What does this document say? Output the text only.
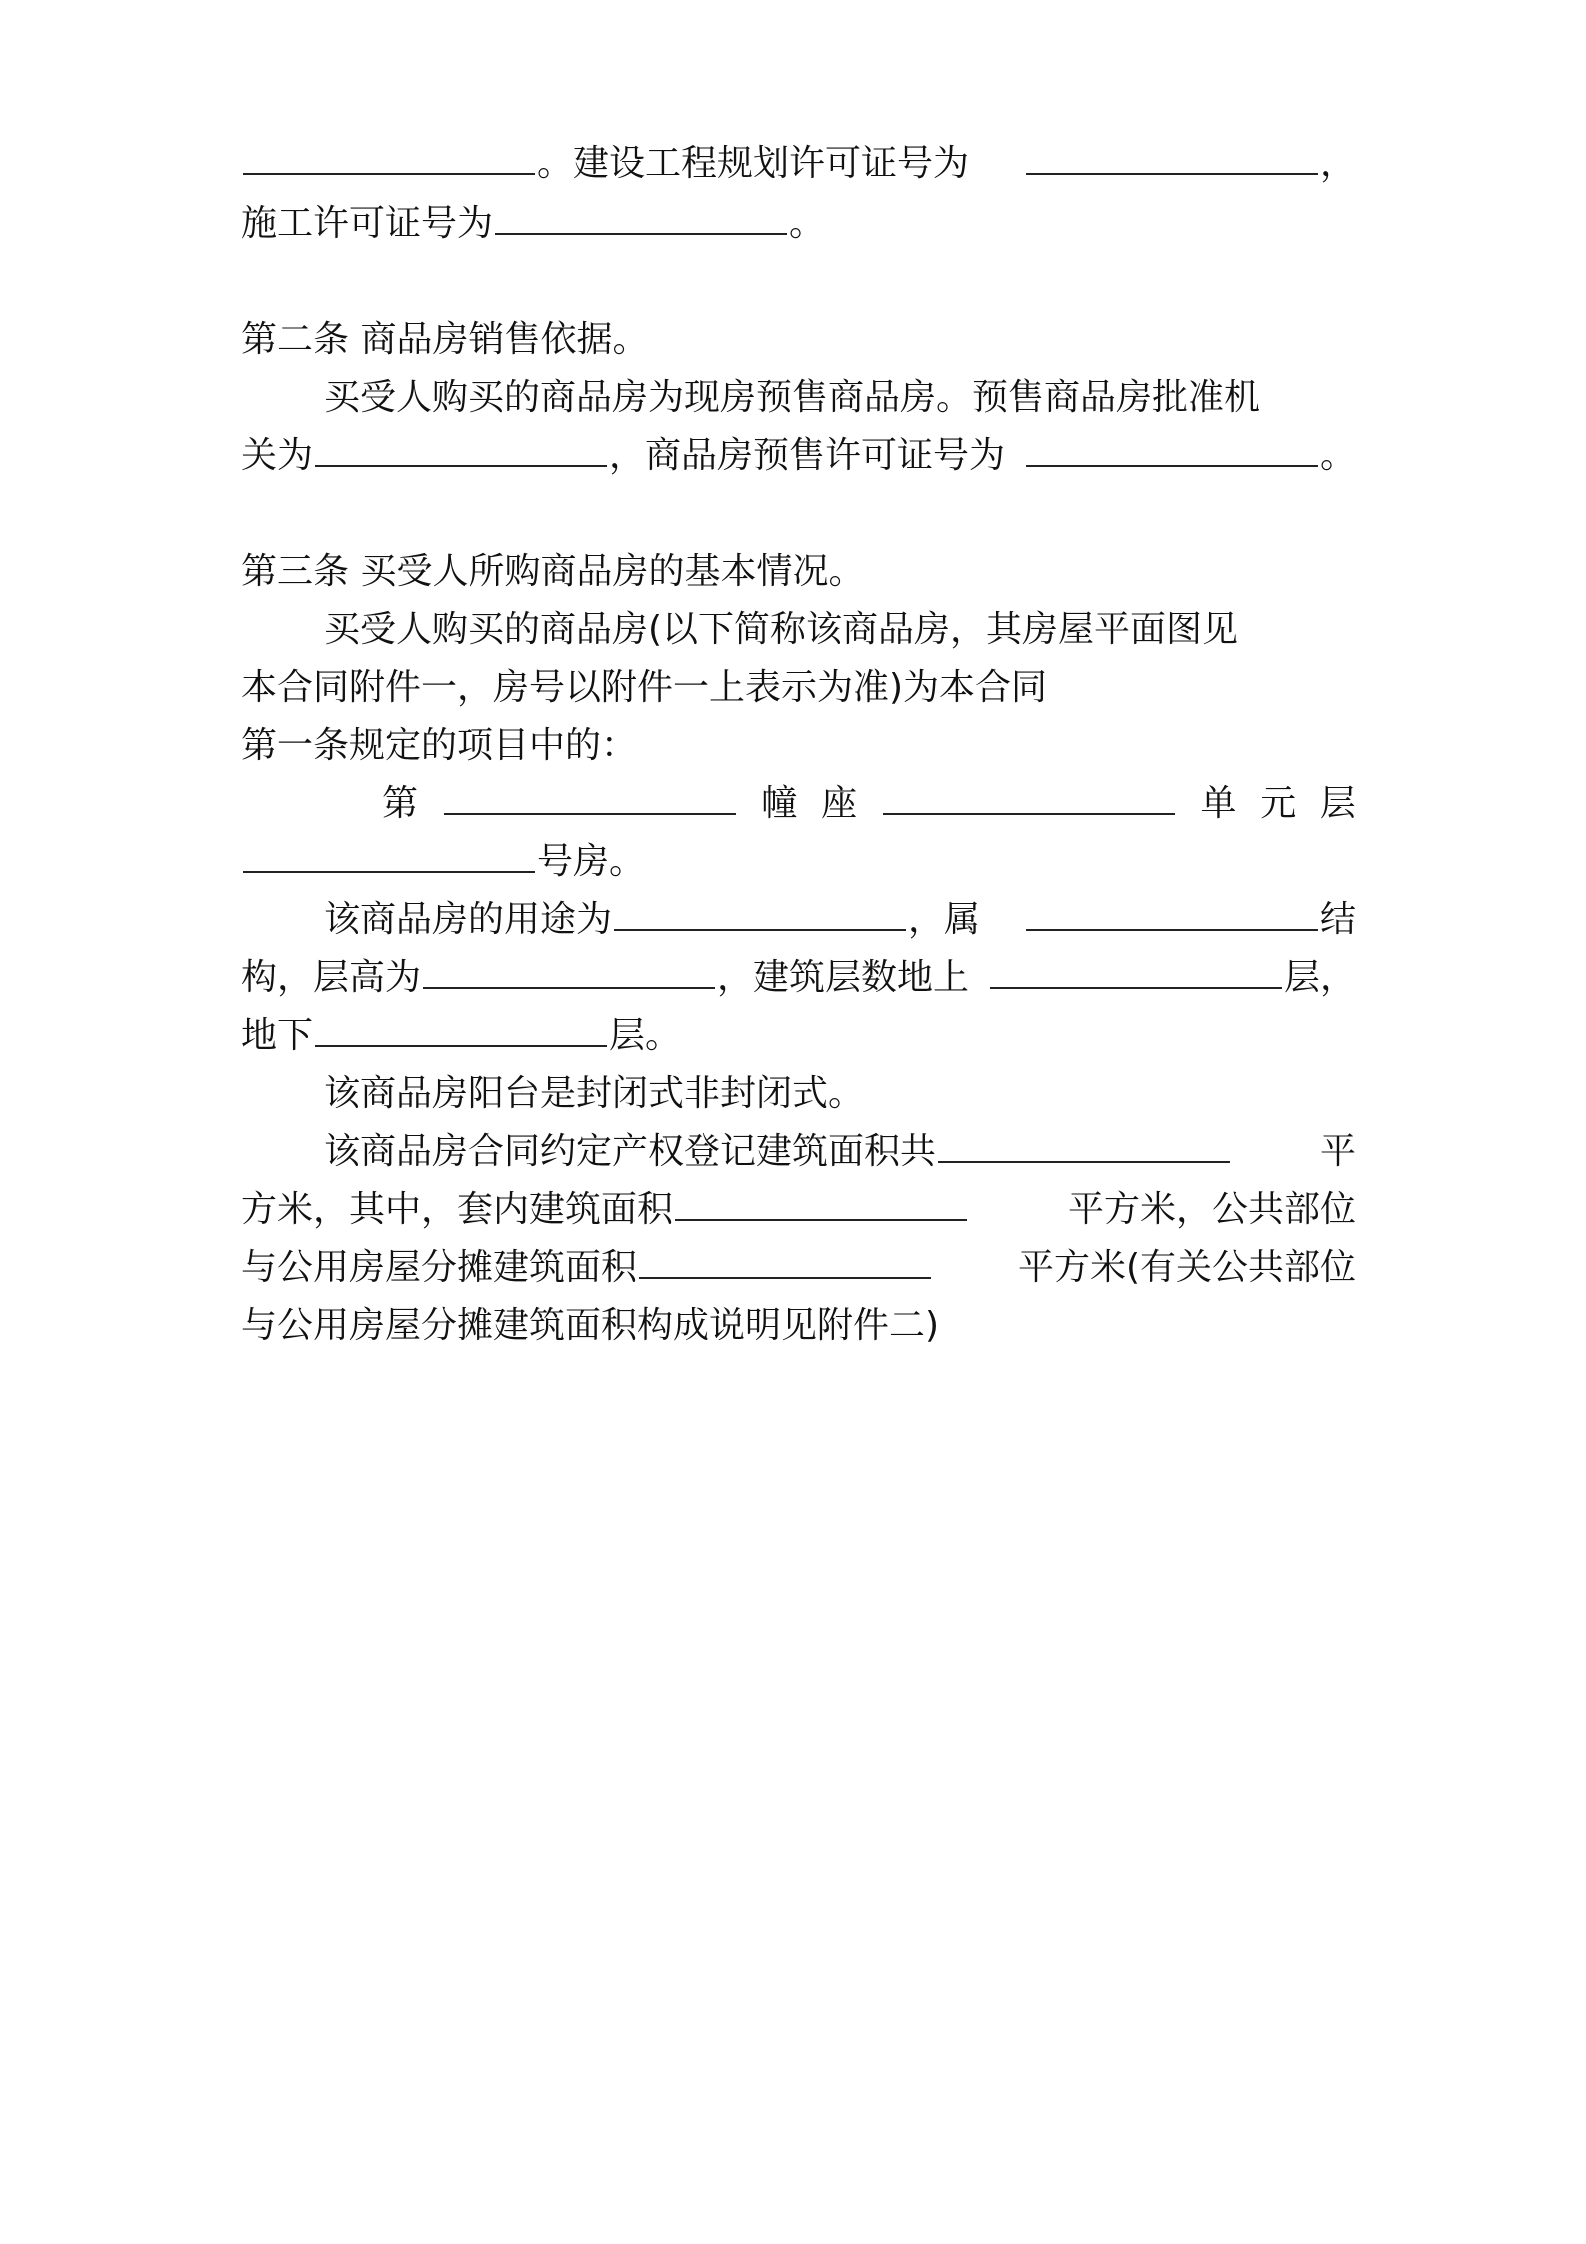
。建设工程规划许可证号为	，
施工许可证号为	。
第二条 商品房销售依据。
买受人购买的商品房为现房预售商品房。预售商品房批准机
关为	，商品房预售许可证号为	。
第三条 买受人所购商品房的基本情况。
买受人购买的商品房(以下简称该商品房，其房屋平面图见
本合同附件一，房号以附件一上表示为准)为本合同
第一条规定的项目中的：
第	幢 座	单 元 层
号房。
该商品房的用途为	，属	结
构，层高为	，建筑层数地上	层，
地下	层。
该商品房阳台是封闭式非封闭式。
该商品房合同约定产权登记建筑面积共	平
方米，其中，套内建筑面积	平方米，公共部位
与公用房屋分摊建筑面积	平方米(有关公共部位
与公用房屋分摊建筑面积构成说明见附件二)
